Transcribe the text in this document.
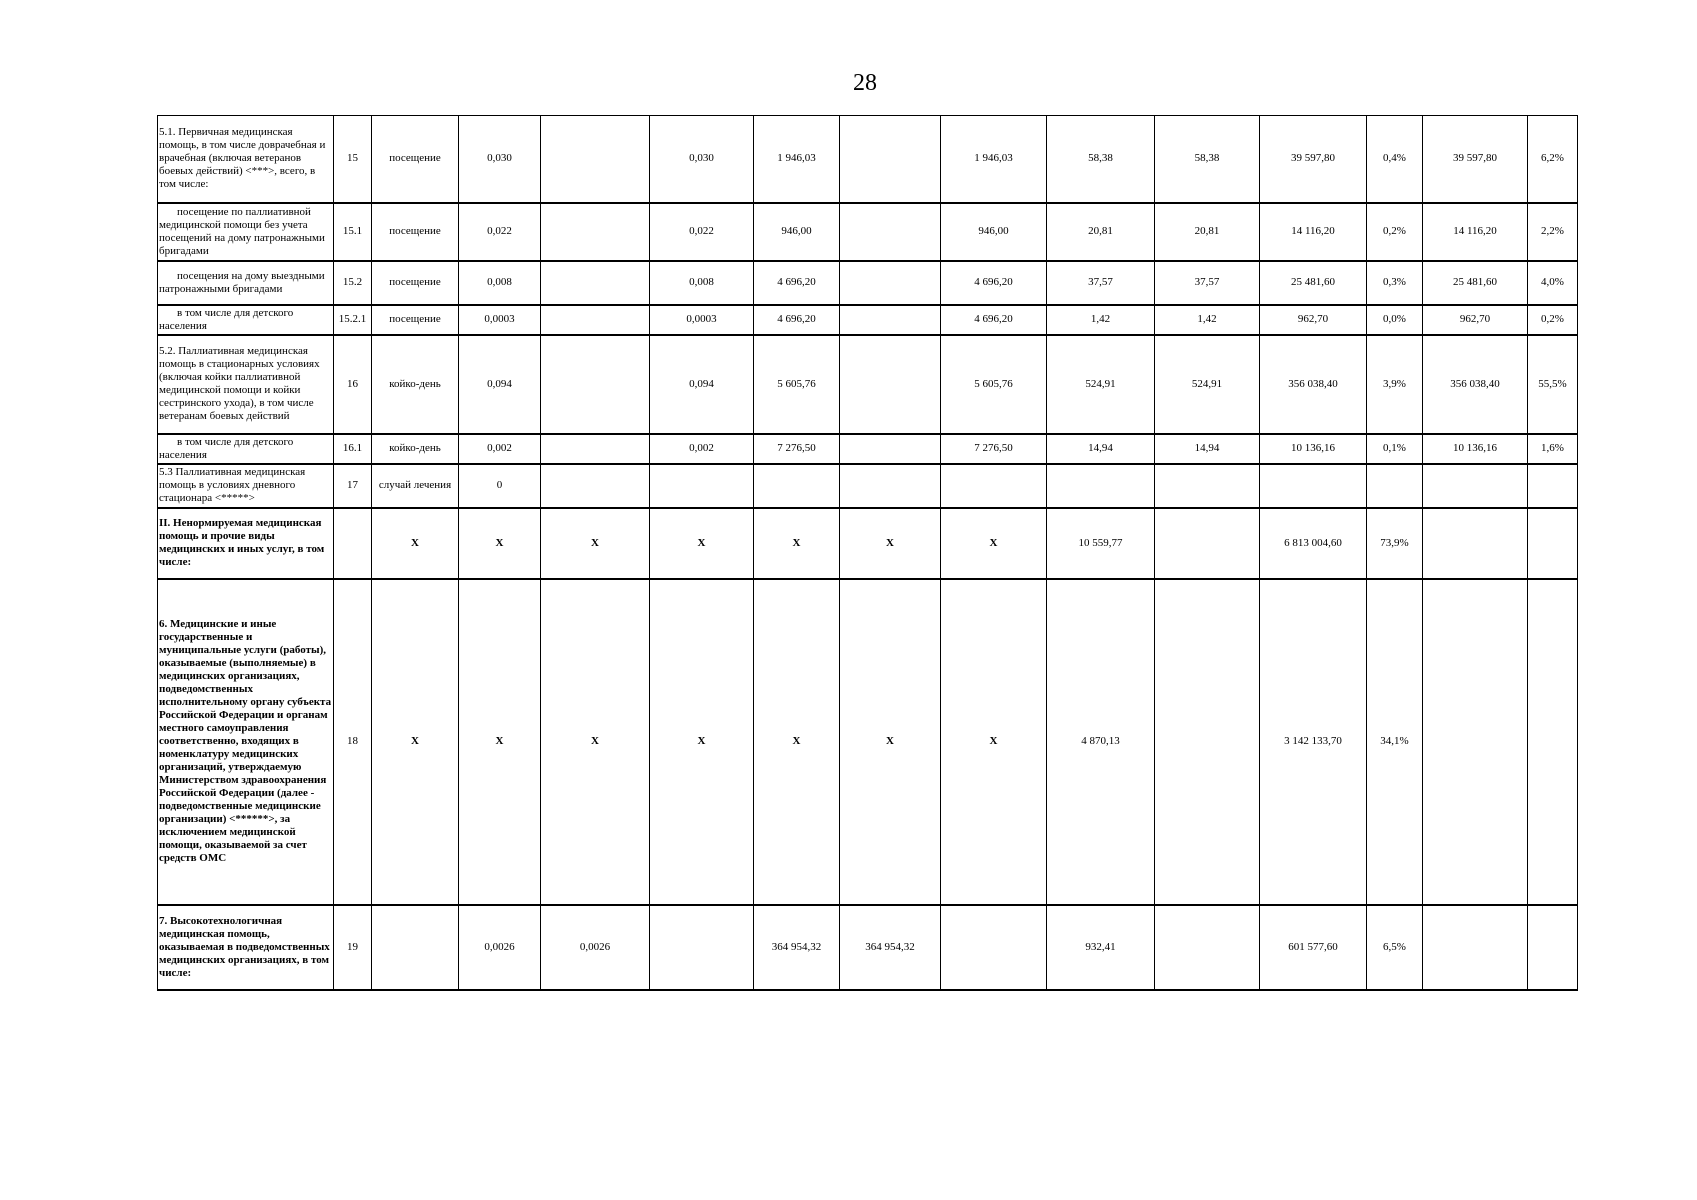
28
5.1. Первичная медицинская помощь, в том числе доврачебная и врачебная (включая ветеранов боевых действий) <***>, всего, в том числе:	15	посещение	0,030		0,030	1 946,03		1 946,03	58,38	58,38	39 597,80	0,4%	39 597,80	6,2%
посещение по паллиативной медицинской помощи без учета посещений на дому патронажными бригадами	15.1	посещение	0,022		0,022	946,00		946,00	20,81	20,81	14 116,20	0,2%	14 116,20	2,2%
посещения на дому выездными патронажными бригадами	15.2	посещение	0,008		0,008	4 696,20		4 696,20	37,57	37,57	25 481,60	0,3%	25 481,60	4,0%
в том числе для детского населения	15.2.1	посещение	0,0003		0,0003	4 696,20		4 696,20	1,42	1,42	962,70	0,0%	962,70	0,2%
5.2. Паллиативная медицинская помощь в стационарных условиях (включая койки паллиативной медицинской помощи и койки сестринского ухода), в том числе ветеранам боевых действий	16	койко-день	0,094		0,094	5 605,76		5 605,76	524,91	524,91	356 038,40	3,9%	356 038,40	55,5%
в том числе для детского населения	16.1	койко-день	0,002		0,002	7 276,50		7 276,50	14,94	14,94	10 136,16	0,1%	10 136,16	1,6%
5.3 Паллиативная медицинская помощь в условиях дневного стационара <*****>	17	случай лечения	0											
II. Ненормируемая медицинская помощь и прочие виды медицинских и иных услуг, в том числе:		X	X	X	X	X	X	X	10 559,77		6 813 004,60	73,9%		
6. Медицинские и иные государственные и муниципальные услуги (работы), оказываемые (выполняемые) в медицинских организациях, подведомственных исполнительному органу субъекта Российской Федерации и органам местного самоуправления соответственно, входящих в номенклатуру медицинских организаций, утверждаемую Министерством здравоохранения Российской Федерации (далее - подведомственные медицинские организации) <******>, за исключением медицинской помощи, оказываемой за счет средств ОМС	18	X	X	X	X	X	X	X	4 870,13		3 142 133,70	34,1%		
7. Высокотехнологичная медицинская помощь, оказываемая в подведомственных медицинских организациях, в том числе:	19		0,0026	0,0026		364 954,32	364 954,32		932,41		601 577,60	6,5%		
